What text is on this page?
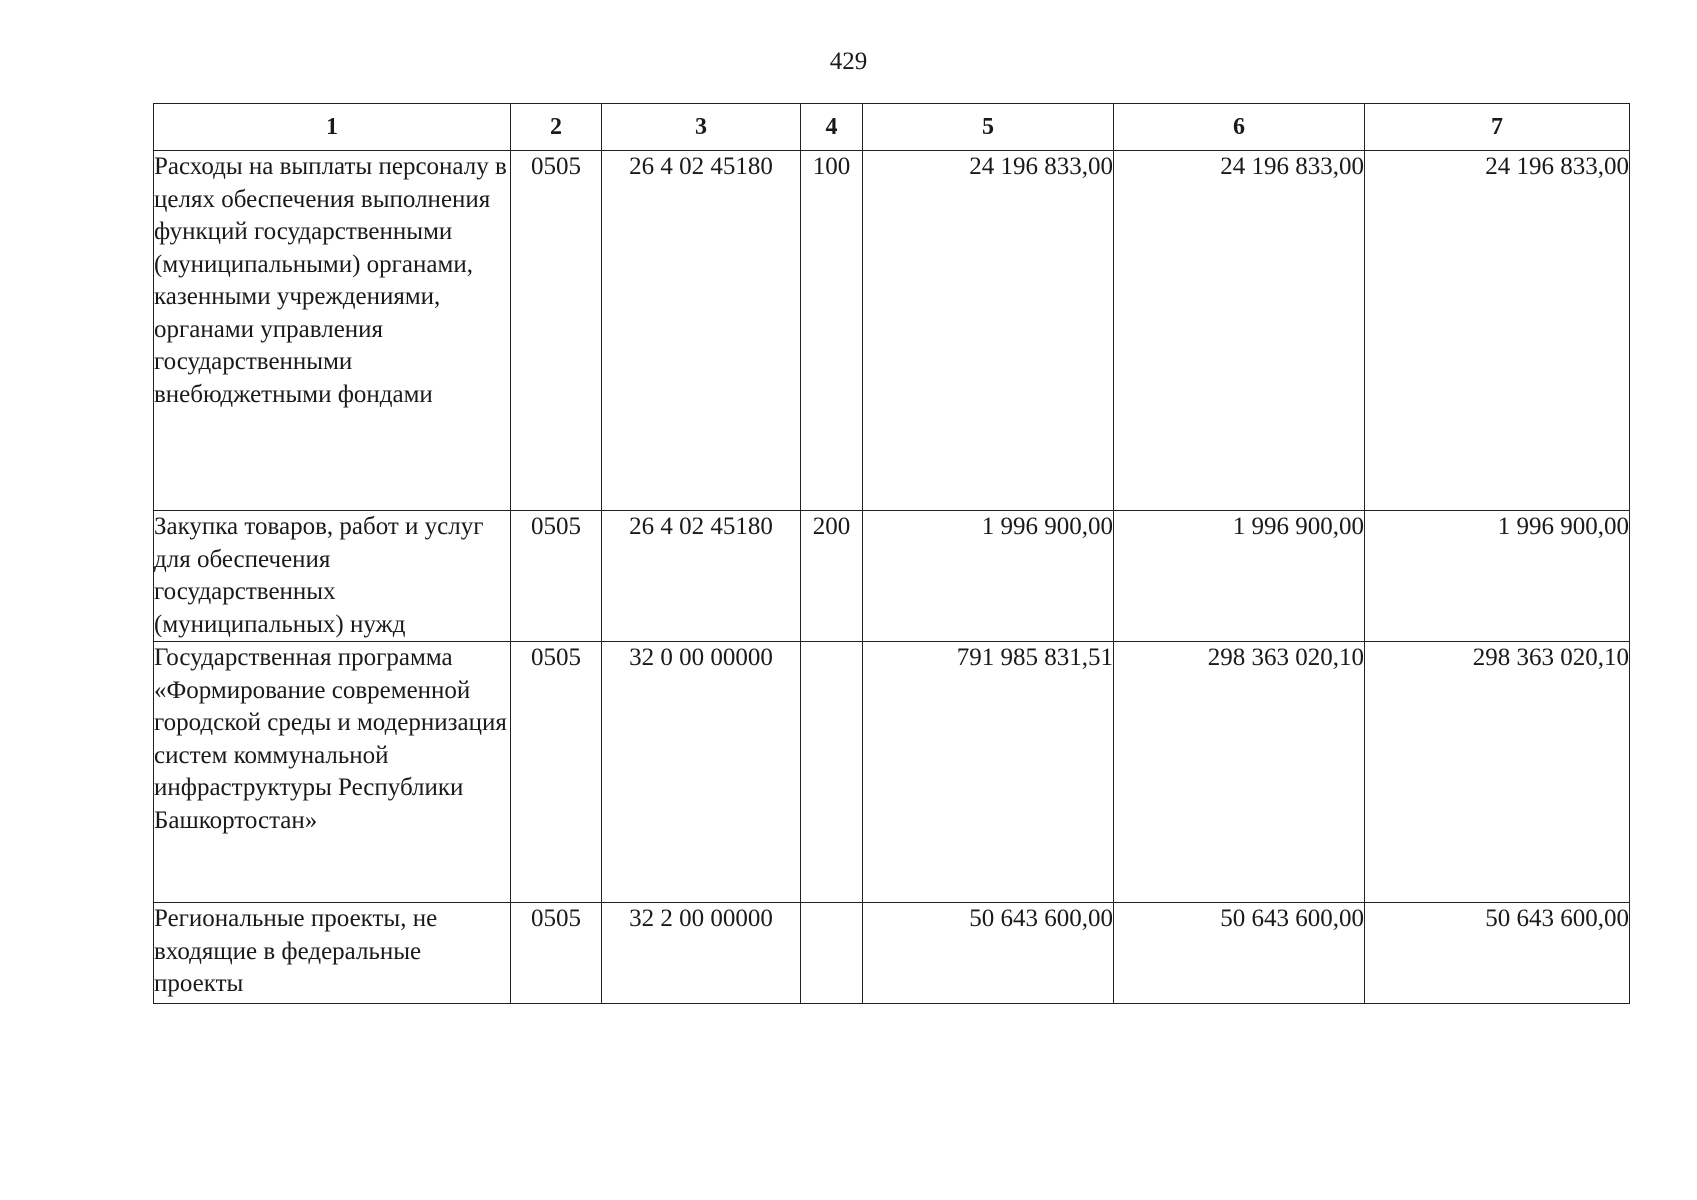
429
1	2	3	4	5	6	7
Расходы на выплаты персоналу в целях обеспечения выполнения функций государственными (муниципальными) органами, казенными учреждениями, органами управления государственными внебюджетными фондами	0505	26 4 02 45180	100	24 196 833,00	24 196 833,00	24 196 833,00
Закупка товаров, работ и услуг для обеспечения государственных (муниципальных) нужд	0505	26 4 02 45180	200	1 996 900,00	1 996 900,00	1 996 900,00
Государственная программа «Формирование современной городской среды и модернизация систем коммунальной инфраструктуры Республики Башкортостан»	0505	32 0 00 00000		791 985 831,51	298 363 020,10	298 363 020,10
Региональные проекты, не входящие в федеральные проекты	0505	32 2 00 00000		50 643 600,00	50 643 600,00	50 643 600,00
